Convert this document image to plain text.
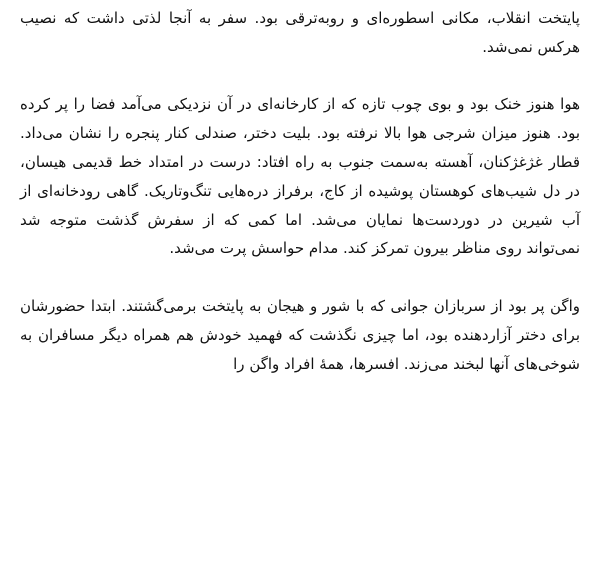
پایتخت انقلاب، مکانی اسطوره‌ای و روبه‌ترقی بود. سفر به آنجا لذتی داشت که نصیب هرکس نمی‌شد.

هوا هنوز خنک بود و بوی چوب تازه که از کارخانه‌ای در آن نزدیکی می‌آمد فضا را پر کرده بود. هنوز میزان شرجی هوا بالا نرفته بود. بلیت دختر، صندلی کنار پنجره را نشان می‌داد. قطار غژغژکنان، آهسته به‌سمت جنوب به راه افتاد: درست در امتداد خط قدیمی هیسان، در دل شیب‌های کوهستان پوشیده از کاج، برفراز دره‌هایی تنگ‌وتاریک. گاهی رودخانه‌ای از آب شیرین در دوردست‌ها نمایان می‌شد. اما کمی که از سفرش گذشت متوجه شد نمی‌تواند روی مناظر بیرون تمرکز کند. مدام حواسش پرت می‌شد.

واگن پر بود از سربازان جوانی که با شور و هیجان به پایتخت برمی‌گشتند. ابتدا حضورشان برای دختر آزاردهنده بود، اما چیزی نگذشت که فهمید خودش هم همراه دیگر مسافران به شوخی‌های آنها لبخند می‌زند. افسرها، همهٔ افراد واگن را
